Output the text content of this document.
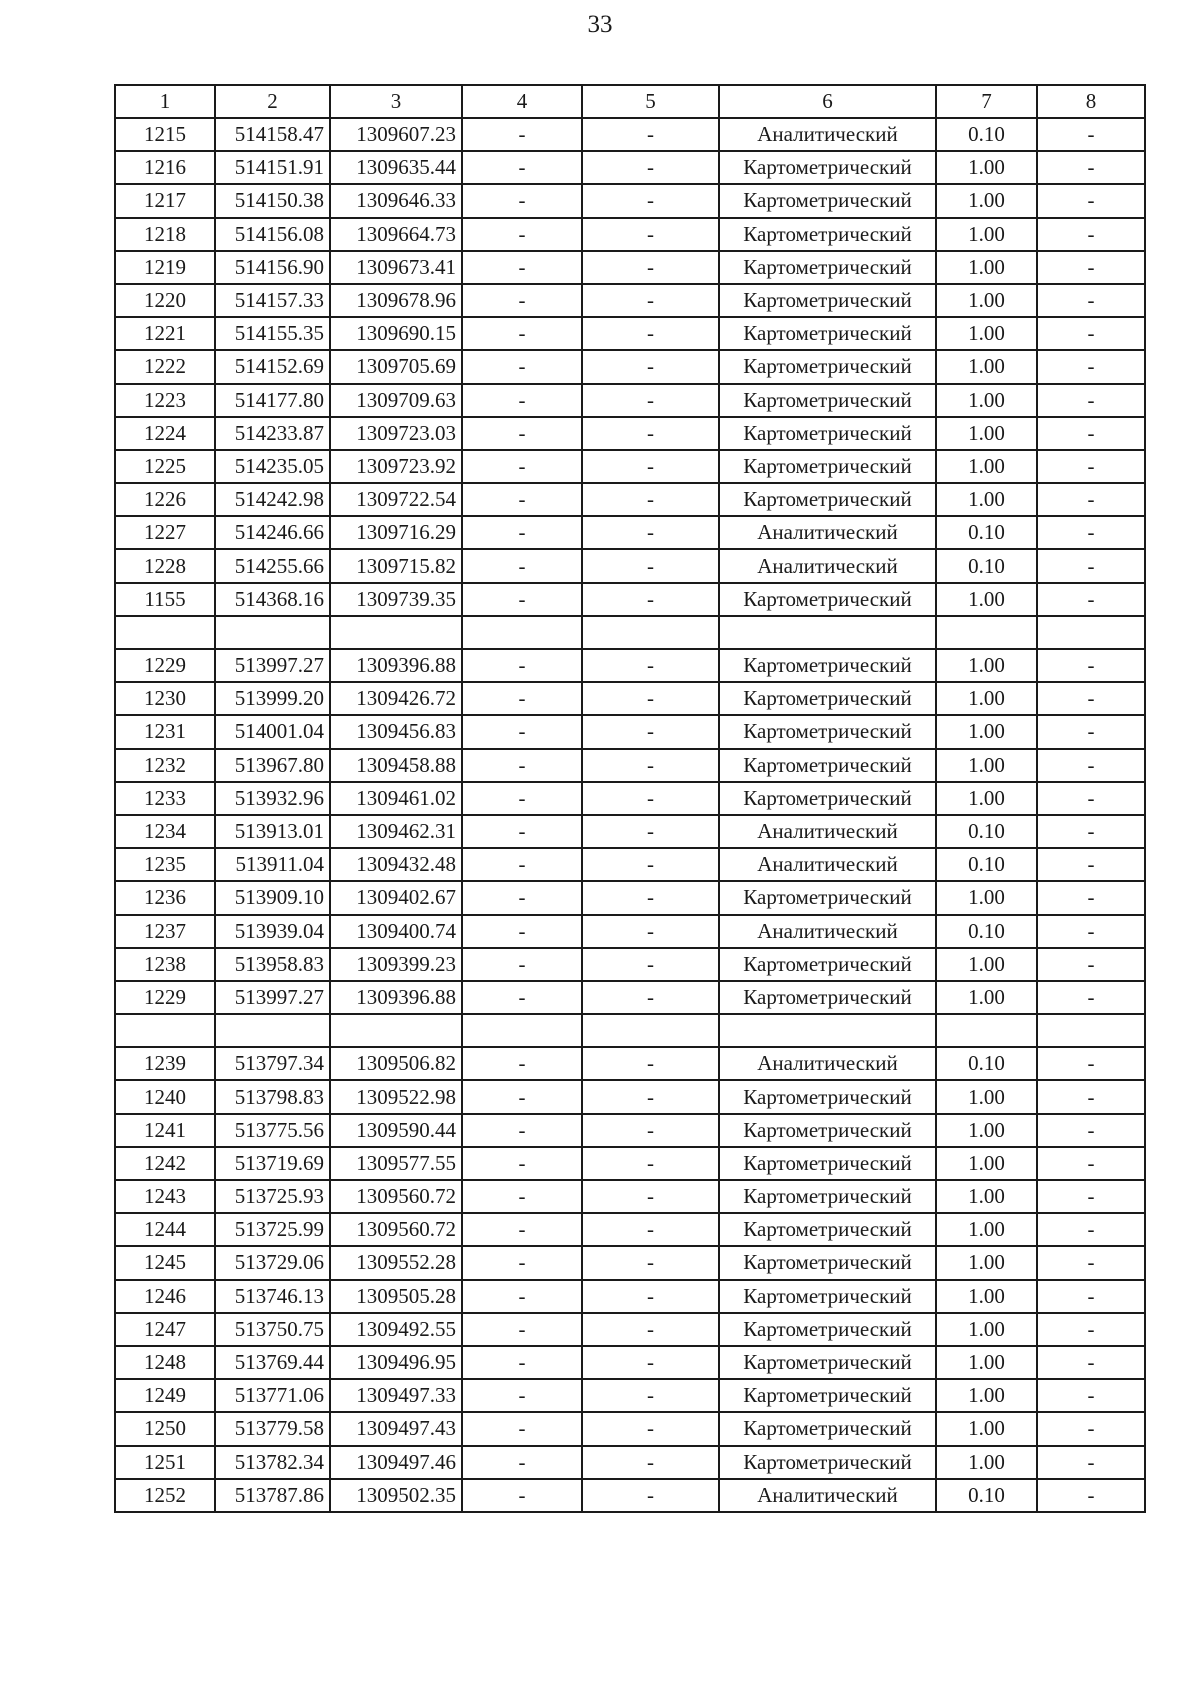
33
1	2	3	4	5	6	7	8
1215	514158.47	1309607.23	-	-	Аналитический	0.10	-
1216	514151.91	1309635.44	-	-	Картометрический	1.00	-
1217	514150.38	1309646.33	-	-	Картометрический	1.00	-
1218	514156.08	1309664.73	-	-	Картометрический	1.00	-
1219	514156.90	1309673.41	-	-	Картометрический	1.00	-
1220	514157.33	1309678.96	-	-	Картометрический	1.00	-
1221	514155.35	1309690.15	-	-	Картометрический	1.00	-
1222	514152.69	1309705.69	-	-	Картометрический	1.00	-
1223	514177.80	1309709.63	-	-	Картометрический	1.00	-
1224	514233.87	1309723.03	-	-	Картометрический	1.00	-
1225	514235.05	1309723.92	-	-	Картометрический	1.00	-
1226	514242.98	1309722.54	-	-	Картометрический	1.00	-
1227	514246.66	1309716.29	-	-	Аналитический	0.10	-
1228	514255.66	1309715.82	-	-	Аналитический	0.10	-
1155	514368.16	1309739.35	-	-	Картометрический	1.00	-

1229	513997.27	1309396.88	-	-	Картометрический	1.00	-
1230	513999.20	1309426.72	-	-	Картометрический	1.00	-
1231	514001.04	1309456.83	-	-	Картометрический	1.00	-
1232	513967.80	1309458.88	-	-	Картометрический	1.00	-
1233	513932.96	1309461.02	-	-	Картометрический	1.00	-
1234	513913.01	1309462.31	-	-	Аналитический	0.10	-
1235	513911.04	1309432.48	-	-	Аналитический	0.10	-
1236	513909.10	1309402.67	-	-	Картометрический	1.00	-
1237	513939.04	1309400.74	-	-	Аналитический	0.10	-
1238	513958.83	1309399.23	-	-	Картометрический	1.00	-
1229	513997.27	1309396.88	-	-	Картометрический	1.00	-

1239	513797.34	1309506.82	-	-	Аналитический	0.10	-
1240	513798.83	1309522.98	-	-	Картометрический	1.00	-
1241	513775.56	1309590.44	-	-	Картометрический	1.00	-
1242	513719.69	1309577.55	-	-	Картометрический	1.00	-
1243	513725.93	1309560.72	-	-	Картометрический	1.00	-
1244	513725.99	1309560.72	-	-	Картометрический	1.00	-
1245	513729.06	1309552.28	-	-	Картометрический	1.00	-
1246	513746.13	1309505.28	-	-	Картометрический	1.00	-
1247	513750.75	1309492.55	-	-	Картометрический	1.00	-
1248	513769.44	1309496.95	-	-	Картометрический	1.00	-
1249	513771.06	1309497.33	-	-	Картометрический	1.00	-
1250	513779.58	1309497.43	-	-	Картометрический	1.00	-
1251	513782.34	1309497.46	-	-	Картометрический	1.00	-
1252	513787.86	1309502.35	-	-	Аналитический	0.10	-
